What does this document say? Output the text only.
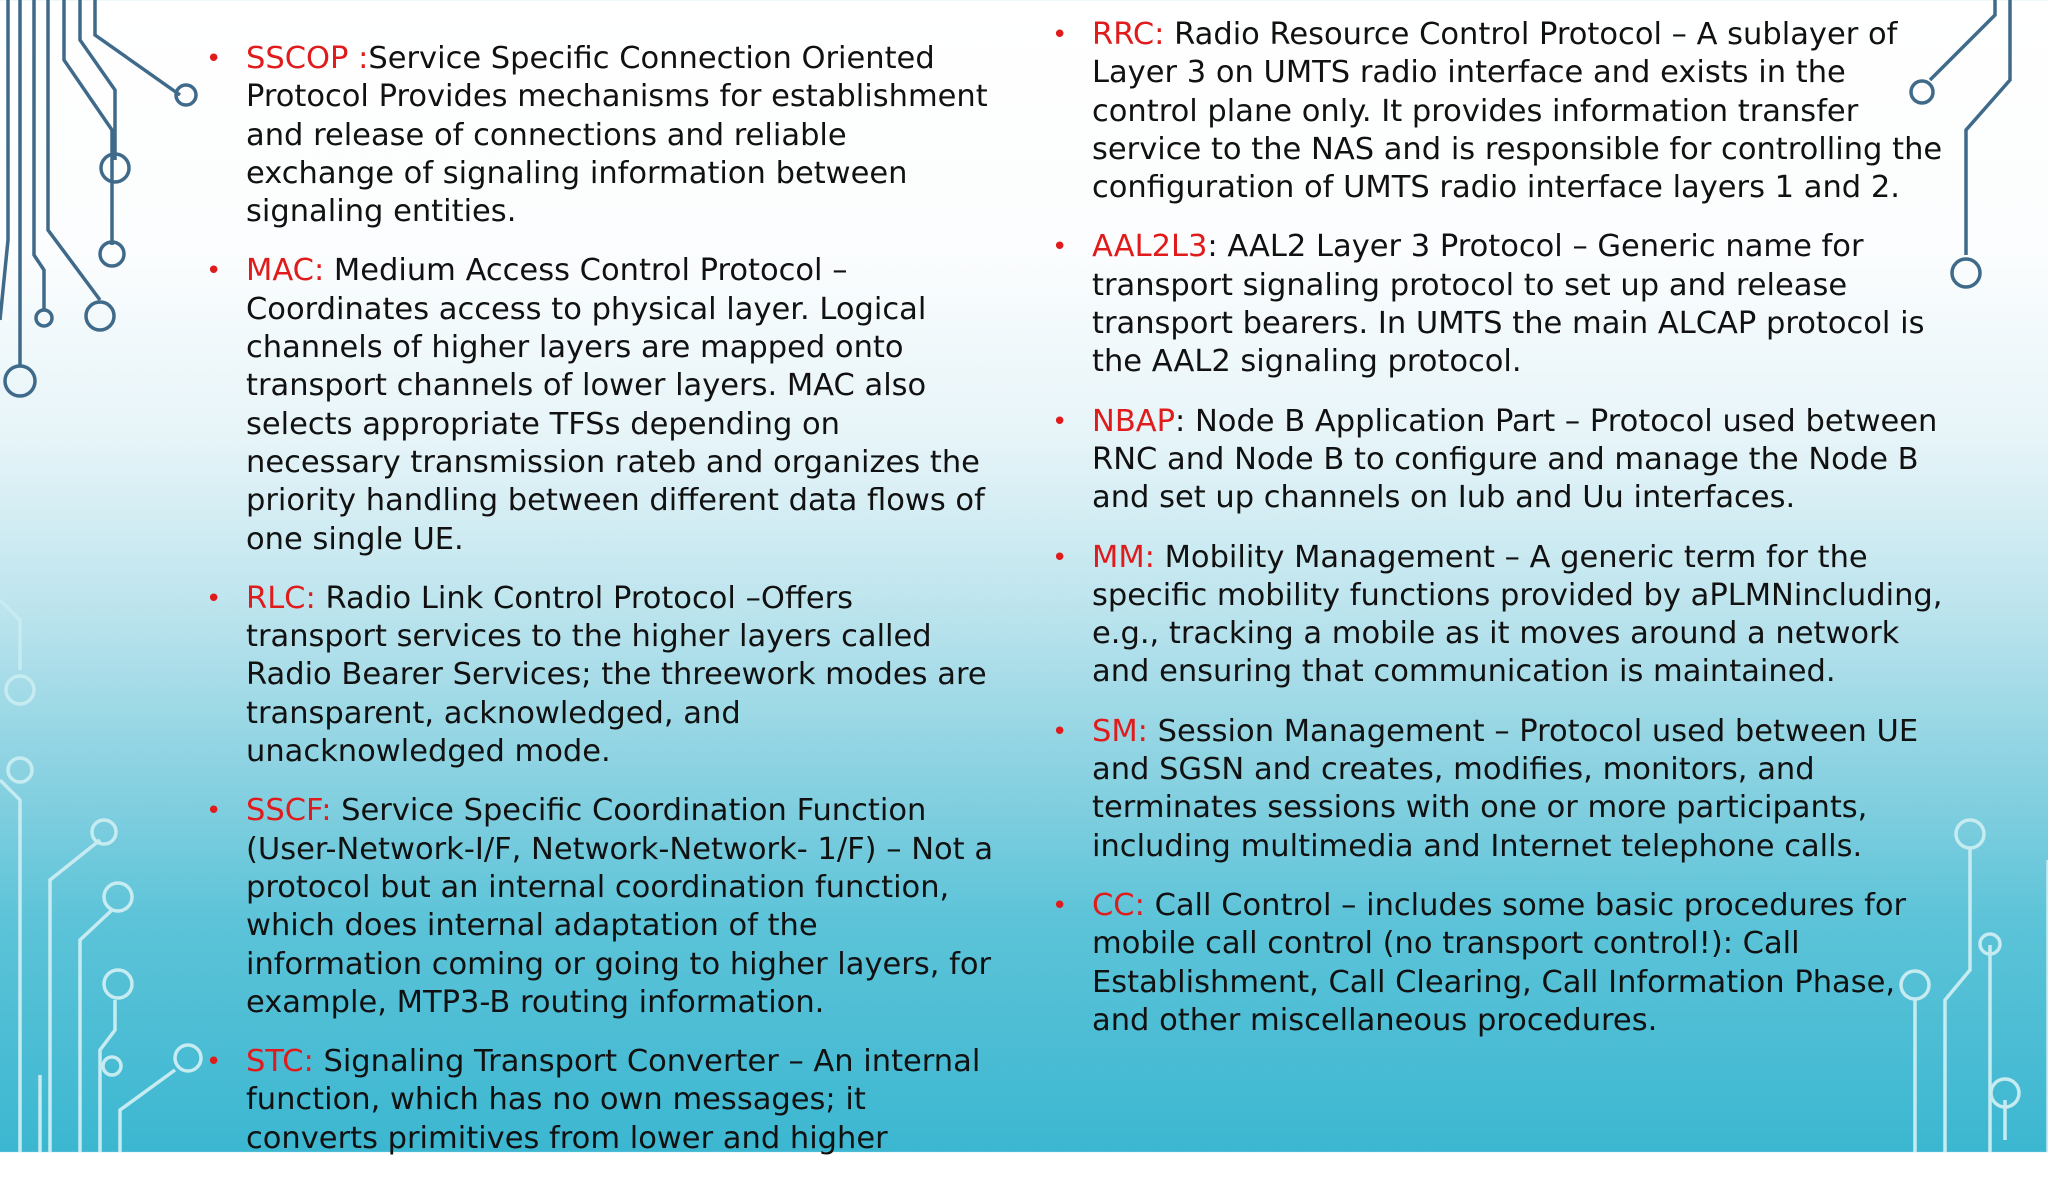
• SSCOP :Service Specific Connection Oriented Protocol Provides mechanisms for establishment and release of connections and reliable exchange of signaling information between signaling entities.
• MAC: Medium Access Control Protocol – Coordinates access to physical layer. Logical channels of higher layers are mapped onto transport channels of lower layers. MAC also selects appropriate TFSs depending on necessary transmission rateb and organizes the priority handling between different data flows of one single UE.
• RLC: Radio Link Control Protocol –Offers transport services to the higher layers called Radio Bearer Services; the threework modes are transparent, acknowledged, and unacknowledged mode.
• SSCF: Service Specific Coordination Function (User-Network-I/F, Network-Network- 1/F) – Not a protocol but an internal coordination function, which does internal adaptation of the information coming or going to higher layers, for example, MTP3-B routing information.
• STC: Signaling Transport Converter – An internal function, which has no own messages; it converts primitives from lower and higher
• RRC: Radio Resource Control Protocol – A sublayer of Layer 3 on UMTS radio interface and exists in the control plane only. It provides information transfer service to the NAS and is responsible for controlling the configuration of UMTS radio interface layers 1 and 2.
• AAL2L3: AAL2 Layer 3 Protocol – Generic name for transport signaling protocol to set up and release transport bearers. In UMTS the main ALCAP protocol is the AAL2 signaling protocol.
• NBAP: Node B Application Part – Protocol used between RNC and Node B to configure and manage the Node B and set up channels on Iub and Uu interfaces.
• MM: Mobility Management – A generic term for the specific mobility functions provided by aPLMNincluding, e.g., tracking a mobile as it moves around a network and ensuring that communication is maintained.
• SM: Session Management – Protocol used between UE and SGSN and creates, modifies, monitors, and terminates sessions with one or more participants, including multimedia and Internet telephone calls.
• CC: Call Control – includes some basic procedures for mobile call control (no transport control!): Call Establishment, Call Clearing, Call Information Phase, and other miscellaneous procedures.
